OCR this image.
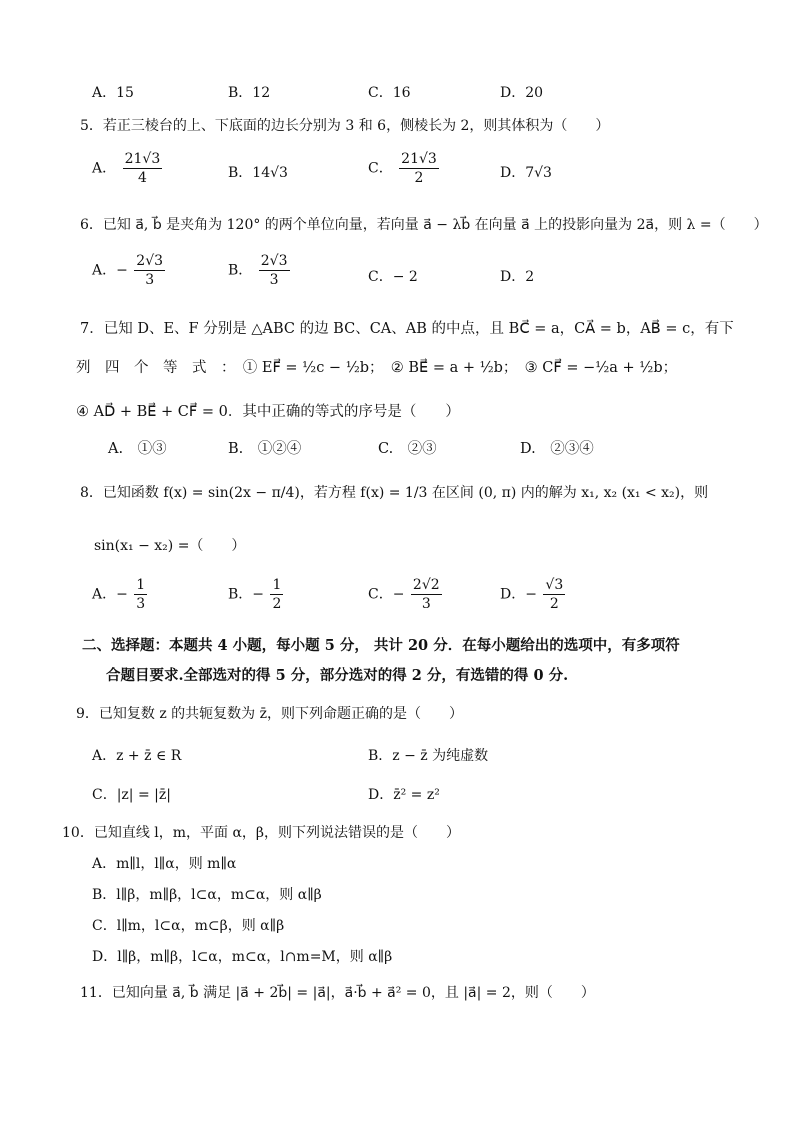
A．15	B．12	C．16	D．20
5．若正三棱台的上、下底面的边长分别为 3 和 6，侧棱长为 2，则其体积为（　　）
A． $\frac{21√3}{4}$	B．14√3	C． $\frac{21√3}{2}$	D．7√3
6．已知 a⃗, b⃗ 是夹角为 120° 的两个单位向量，若向量 a⃗ − λb⃗ 在向量 a⃗ 上的投影向量为 2a⃗，则 λ =（　　）
A．− $\frac{2√3}{3}$	B． $\frac{2√3}{3}$	C．− 2	D．2
7．已知 D、E、F 分别是 △ABC 的边 BC、CA、AB 的中点，且 BC⃗ = a，CA⃗ = b，AB⃗ = c，有下
列　四　个　等　式　：　① EF⃗ = ½c − ½b；　② BE⃗ = a + ½b；　③ CF⃗ = −½a + ½b；
④ AD⃗ + BE⃗ + CF⃗ = 0．其中正确的等式的序号是（　　）
A.　①③	B.　①②④	C.　②③	D.　②③④
8．已知函数 f(x) = sin(2x − π/4)，若方程 f(x) = 1/3 在区间 (0, π) 内的解为 x₁, x₂ (x₁ < x₂)，则
sin(x₁ − x₂) =（　　）
A．− $\frac{1}{3}$	B．− $\frac{1}{2}$	C．− $\frac{2√2}{3}$	D．− $\frac{√3}{2}$
二、选择题：本题共 4 小题，每小题 5 分， 共计 20 分．在每小题给出的选项中，有多项符
合题目要求.全部选对的得 5 分，部分选对的得 2 分，有选错的得 0 分.
9．已知复数 z 的共轭复数为 z̄，则下列命题正确的是（　　）
A．z + z̄ ∈ R	B．z − z̄ 为纯虚数
C．|z| = |z̄|	D．z̄² = z²
10．已知直线 l，m，平面 α，β，则下列说法错误的是（　　）
A．m∥l，l∥α，则 m∥α
B．l∥β，m∥β，l⊂α，m⊂α，则 α∥β
C．l∥m，l⊂α，m⊂β，则 α∥β
D．l∥β，m∥β，l⊂α，m⊂α，l∩m=M，则 α∥β
11．已知向量 a⃗, b⃗ 满足 |a⃗ + 2b⃗| = |a⃗|，a⃗·b⃗ + a⃗² = 0，且 |a⃗| = 2，则（　　）
